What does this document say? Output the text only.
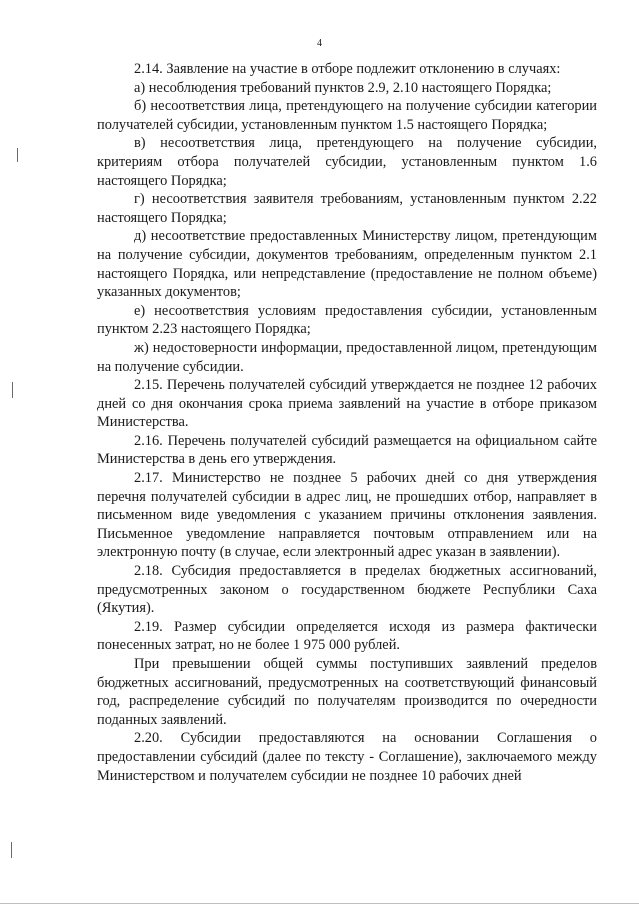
4

2.14. Заявление на участие в отборе подлежит отклонению в случаях:

а) несоблюдения требований пунктов 2.9, 2.10 настоящего Порядка;

б) несоответствия лица, претендующего на получение субсидии категории получателей субсидии, установленным пунктом 1.5 настоящего Порядка;

в) несоответствия лица, претендующего на получение субсидии, критериям отбора получателей субсидии, установленным пунктом 1.6 настоящего Порядка;

г) несоответствия заявителя требованиям, установленным пунктом 2.22 настоящего Порядка;

д) несоответствие предоставленных Министерству лицом, претендующим на получение субсидии, документов требованиям, определенным пунктом 2.1 настоящего Порядка, или непредставление (предоставление не полном объеме) указанных документов;

е) несоответствия условиям предоставления субсидии, установленным пунктом 2.23 настоящего Порядка;

ж) недостоверности информации, предоставленной лицом, претендующим на получение субсидии.

2.15. Перечень получателей субсидий утверждается не позднее 12 рабочих дней со дня окончания срока приема заявлений на участие в отборе приказом Министерства.

2.16. Перечень получателей субсидий размещается на официальном сайте Министерства в день его утверждения.

2.17. Министерство не позднее 5 рабочих дней со дня утверждения перечня получателей субсидии в адрес лиц, не прошедших отбор, направляет в письменном виде уведомления с указанием причины отклонения заявления. Письменное уведомление направляется почтовым отправлением или на электронную почту (в случае, если электронный адрес указан в заявлении).

2.18. Субсидия предоставляется в пределах бюджетных ассигнований, предусмотренных законом о государственном бюджете Республики Саха (Якутия).

2.19. Размер субсидии определяется исходя из размера фактически понесенных затрат, но не более 1 975 000 рублей.

При превышении общей суммы поступивших заявлений пределов бюджетных ассигнований, предусмотренных на соответствующий финансовый год, распределение субсидий по получателям производится по очередности поданных заявлений.

2.20. Субсидии предоставляются на основании Соглашения о предоставлении субсидий (далее по тексту - Соглашение), заключаемого между Министерством и получателем субсидии не позднее 10 рабочих дней
